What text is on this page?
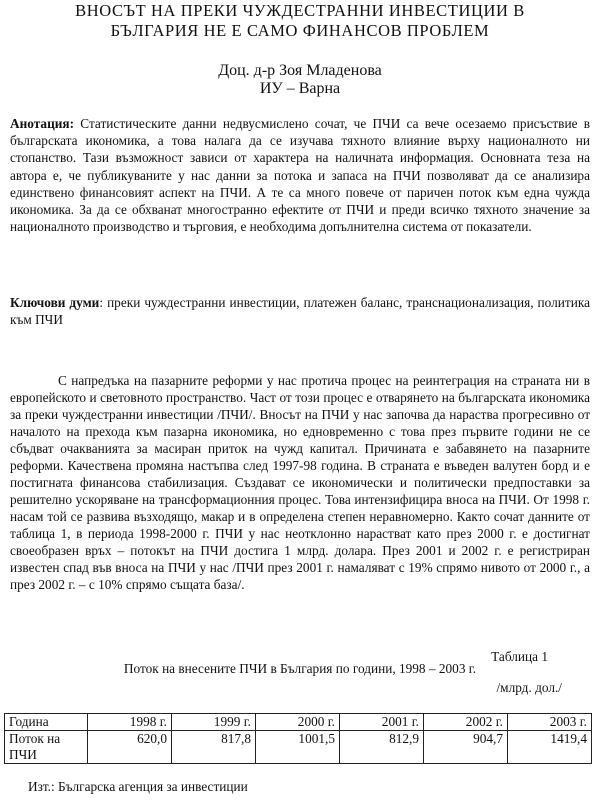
ВНОСЪТ НА ПРЕКИ ЧУЖДЕСТРАННИ ИНВЕСТИЦИИ В
БЪЛГАРИЯ НЕ Е САМО ФИНАНСОВ ПРОБЛЕМ
Доц. д-р Зоя Младенова
ИУ – Варна

Анотация: Статистическите данни недвусмислено сочат, че ПЧИ са вече осезаемо присъствие в българската икономика, а това налага да се изучава тяхното влияние върху националното ни стопанство. Тази възможност зависи от характера на наличната информация. Основната теза на автора е, че публикуваните у нас данни за потока и запаса на ПЧИ позволяват да се анализира единствено финансовият аспект на ПЧИ. А те са много повече от паричен поток към една чужда икономика. За да се обхванат многостранно ефектите от ПЧИ и преди всичко тяхното значение за националното производство и търговия, е необходима допълнителна система от показатели.

Ключови думи: преки чуждестранни инвестиции, платежен баланс, транснационализация, политика към ПЧИ

С напредъка на пазарните реформи у нас протича процес на реинтеграция на страната ни в европейското и световното пространство. Част от този процес е отварянето на българската икономика за преки чуждестранни инвестиции /ПЧИ/. Вносът на ПЧИ у нас започва да нараства прогресивно от началото на прехода към пазарна икономика, но едновременно с това през първите години не се сбъдват очакванията за масиран приток на чужд капитал. Причината е забавянето на пазарните реформи. Качествена промяна настъпва след 1997-98 година. В страната е въведен валутен борд и е постигната финансова стабилизация. Създават се икономически и политически предпоставки за решително ускоряване на трансформационния процес. Това интензифицира вноса на ПЧИ. От 1998 г. насам той се развива възходящо, макар и в определена степен неравномерно. Както сочат данните от таблица 1, в периода 1998-2000 г. ПЧИ у нас неотклонно нарастват като през 2000 г. е достигнат своеобразен връх – потокът на ПЧИ достига 1 млрд. долара. През 2001 и 2002 г. е регистриран известен спад във вноса на ПЧИ у нас /ПЧИ през 2001 г. намаляват с 19% спрямо нивото от 2000 г., а през 2002 г. – с 10% спрямо същата база/.

Таблица 1
Поток на внесените ПЧИ в България по години, 1998 – 2003 г.
/млрд. дол./
Година	1998 г.	1999 г.	2000 г.	2001 г.	2002 г.	2003 г.
Поток на ПЧИ	620,0	817,8	1001,5	812,9	904,7	1419,4
Изт.: Българска агенция за инвестиции
